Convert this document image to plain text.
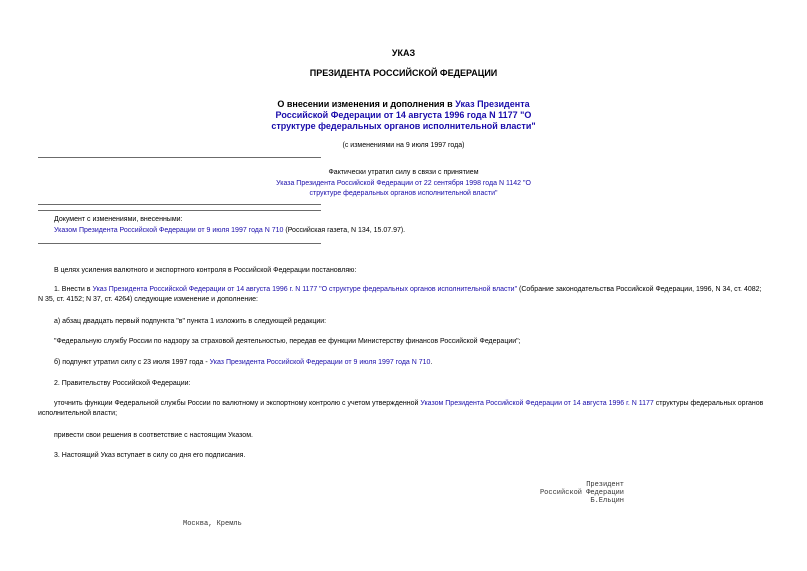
УКАЗ
ПРЕЗИДЕНТА РОССИЙСКОЙ ФЕДЕРАЦИИ
О внесении изменения и дополнения в Указ Президента Российской Федерации от 14 августа 1996 года N 1177 "О структуре федеральных органов исполнительной власти"
(с изменениями на 9 июля 1997 года)
Фактически утратил силу в связи с принятием
Указа Президента Российской Федерации от 22 сентября 1998 года N 1142 "О структуре федеральных органов исполнительной власти"
Документ с изменениями, внесенными:
Указом Президента Российской Федерации от 9 июля 1997 года N 710 (Российская газета, N 134, 15.07.97).
В целях усиления валютного и экспортного контроля в Российской Федерации постановляю:
1. Внести в Указ Президента Российской Федерации от 14 августа 1996 г. N 1177 "О структуре федеральных органов исполнительной власти" (Собрание законодательства Российской Федерации, 1996, N 34, ст. 4082; N 35, ст. 4152; N 37, ст. 4264) следующие изменение и дополнение:
а) абзац двадцать первый подпункта "в" пункта 1 изложить в следующей редакции:
"Федеральную службу России по надзору за страховой деятельностью, передав ее функции Министерству финансов Российской Федерации";
б) подпункт утратил силу с 23 июля 1997 года - Указ Президента Российской Федерации от 9 июля 1997 года N 710.
2. Правительству Российской Федерации:
уточнить функции Федеральной службы России по валютному и экспортному контролю с учетом утвержденной Указом Президента Российской Федерации от 14 августа 1996 г. N 1177 структуры федеральных органов исполнительной власти;
привести свои решения в соответствие с настоящим Указом.
3. Настоящий Указ вступает в силу со дня его подписания.
Президент
Российской Федерации
Б.Ельцин
Москва, Кремль
